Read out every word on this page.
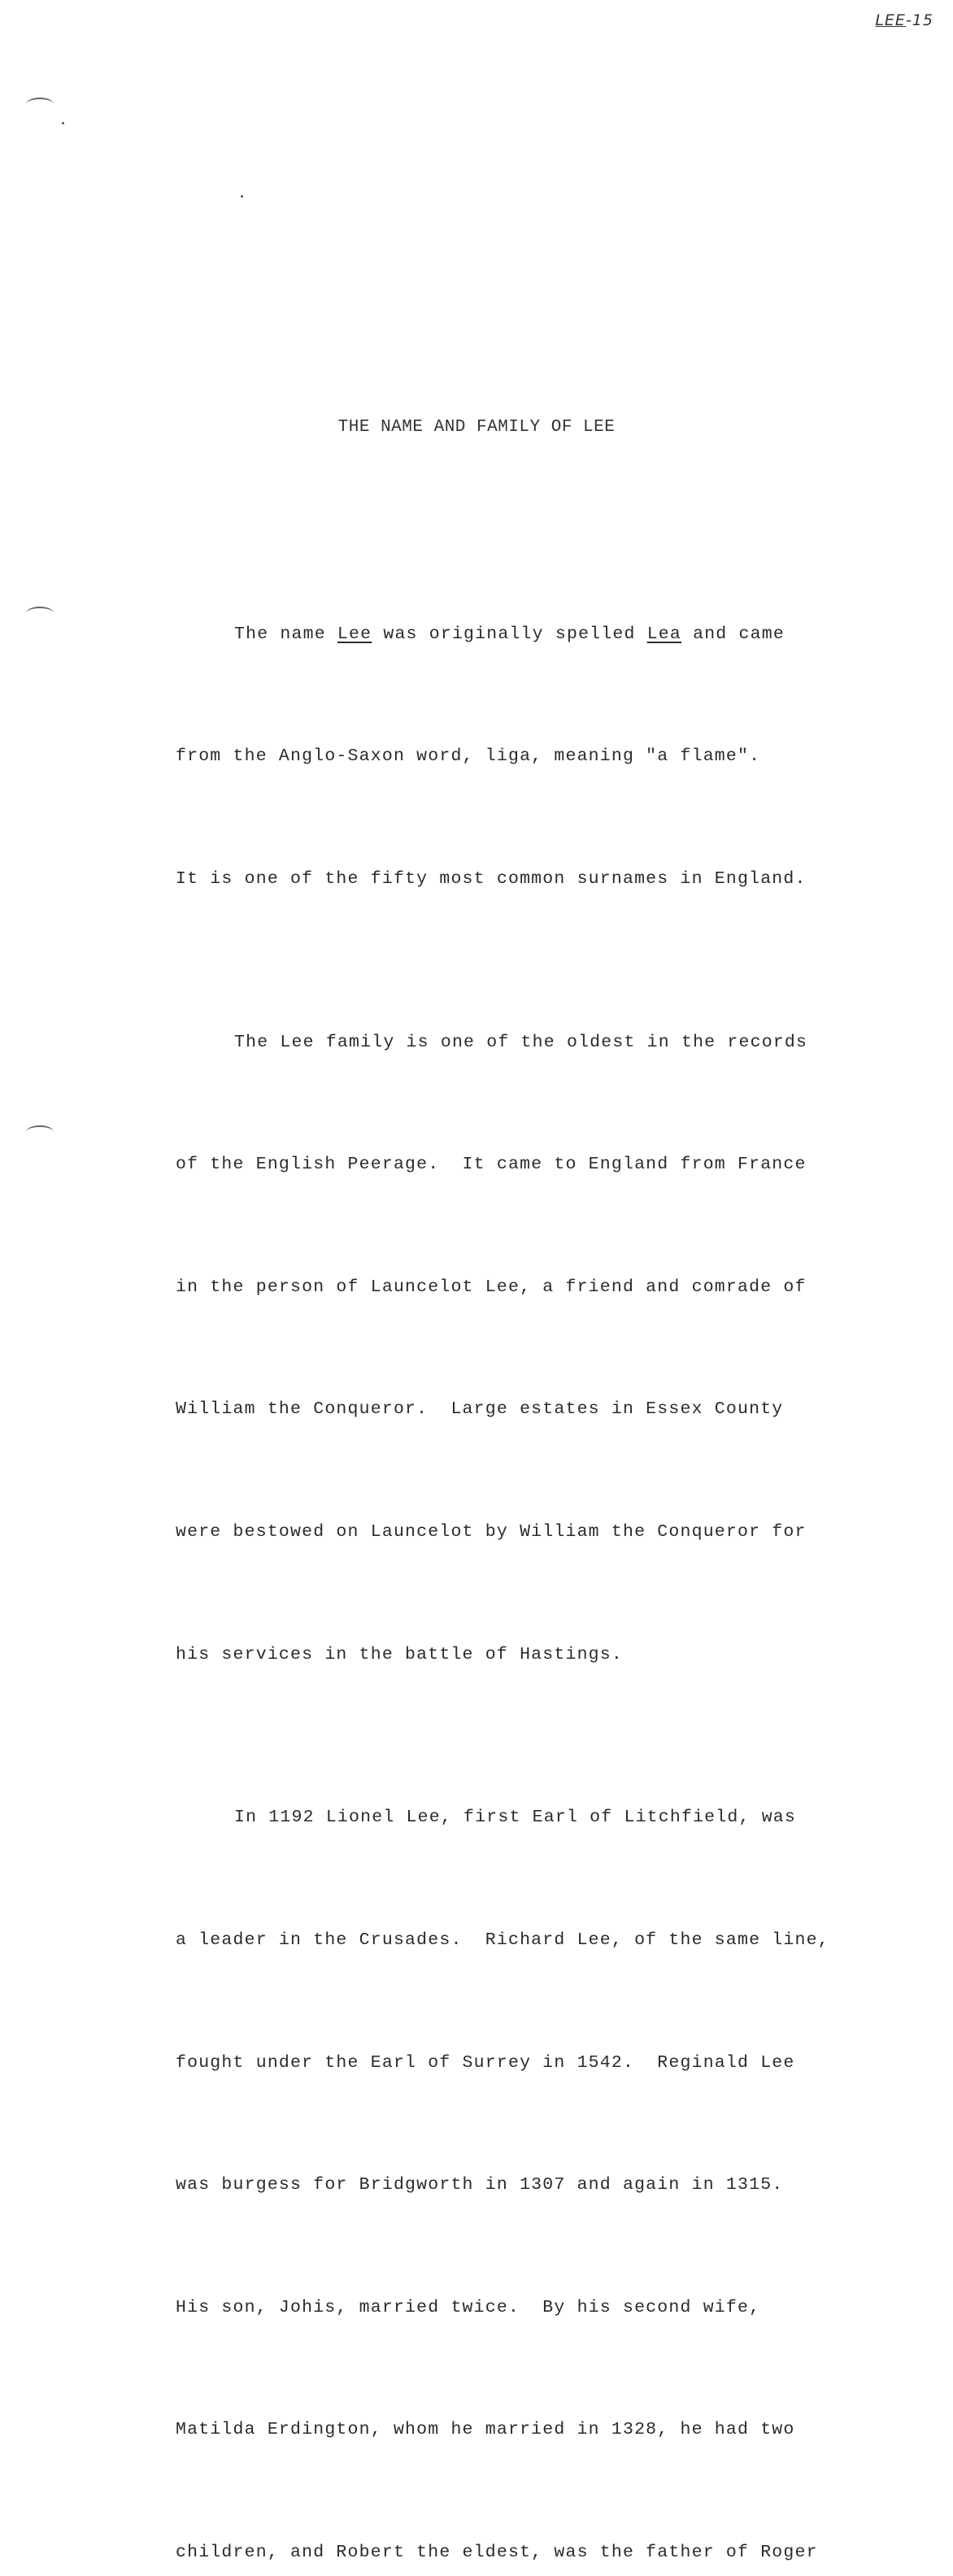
LEE-15
THE NAME AND FAMILY OF LEE

The name Lee was originally spelled Lea and came

from the Anglo-Saxon word, liga, meaning "a flame".

It is one of the fifty most common surnames in England.

The Lee family is one of the oldest in the records

of the English Peerage.  It came to England from France

in the person of Launcelot Lee, a friend and comrade of

William the Conqueror.  Large estates in Essex County

were bestowed on Launcelot by William the Conqueror for

his services in the battle of Hastings.

In 1192 Lionel Lee, first Earl of Litchfield, was

a leader in the Crusades.  Richard Lee, of the same line,

fought under the Earl of Surrey in 1542.  Reginald Lee

was burgess for Bridgworth in 1307 and again in 1315.

His son, Johis, married twice.  By his second wife,

Matilda Erdington, whom he married in 1328, he had two

children, and Robert the eldest, was the father of Roger
